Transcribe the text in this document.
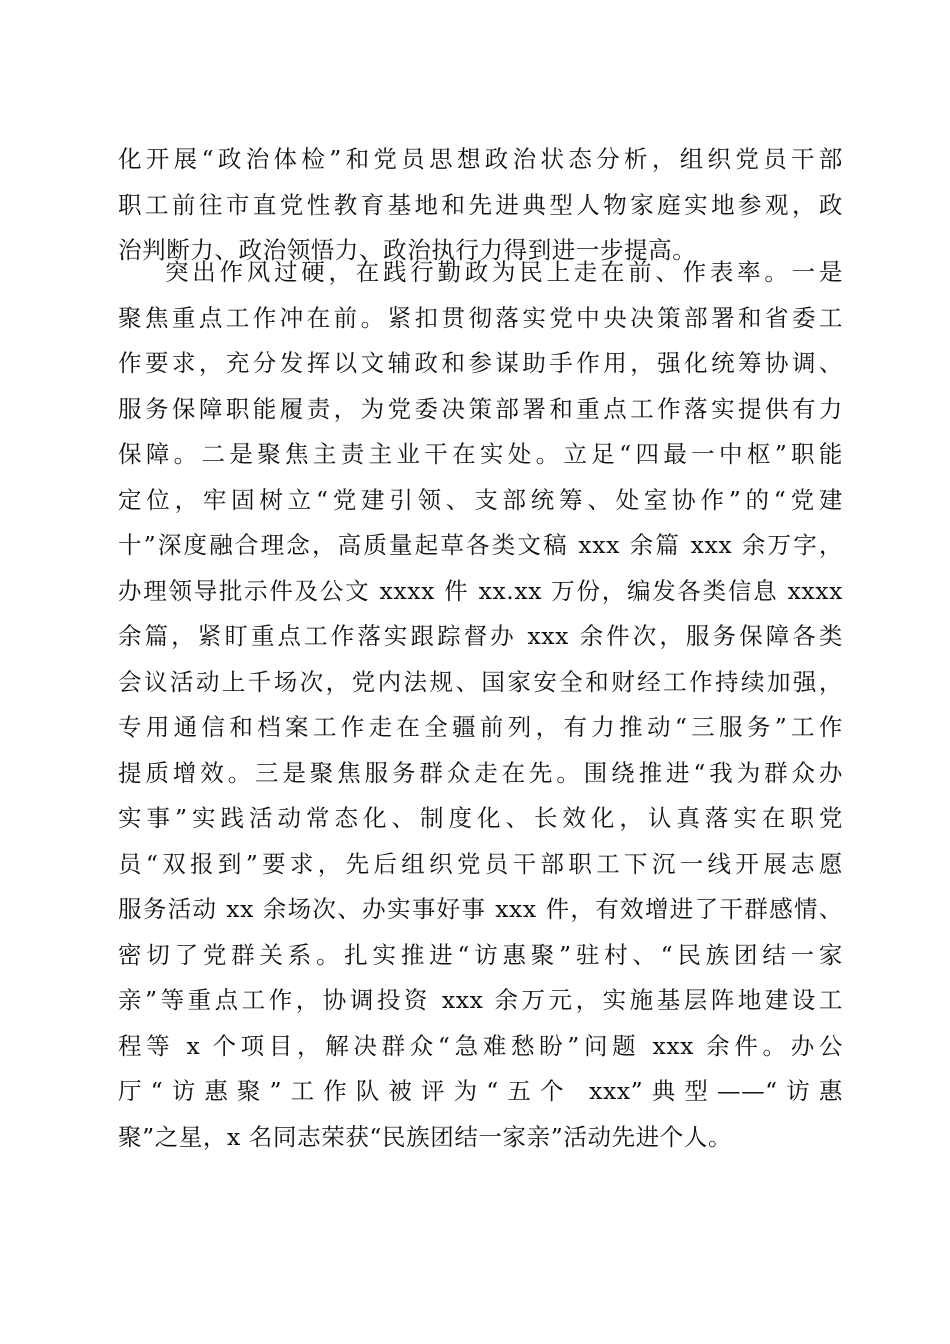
化开展“政治体检”和党员思想政治状态分析，组织党员干部
职工前往市直党性教育基地和先进典型人物家庭实地参观，政
治判断力、政治领悟力、政治执行力得到进一步提高。
突出作风过硬，在践行勤政为民上走在前、作表率。一是
聚焦重点工作冲在前。紧扣贯彻落实党中央决策部署和省委工
作要求，充分发挥以文辅政和参谋助手作用，强化统筹协调、
服务保障职能履责，为党委决策部署和重点工作落实提供有力
保障。二是聚焦主责主业干在实处。立足“四最一中枢”职能
定位，牢固树立“党建引领、支部统筹、处室协作”的“党建
十”深度融合理念，高质量起草各类文稿 xxx 余篇 xxx 余万字，
办理领导批示件及公文 xxxx 件 xx.xx 万份，编发各类信息 xxxx
余篇，紧盯重点工作落实跟踪督办 xxx 余件次，服务保障各类
会议活动上千场次，党内法规、国家安全和财经工作持续加强，
专用通信和档案工作走在全疆前列，有力推动“三服务”工作
提质增效。三是聚焦服务群众走在先。围绕推进“我为群众办
实事”实践活动常态化、制度化、长效化，认真落实在职党
员“双报到”要求，先后组织党员干部职工下沉一线开展志愿
服务活动 xx 余场次、办实事好事 xxx 件，有效增进了干群感情、
密切了党群关系。扎实推进“访惠聚”驻村、“民族团结一家
亲”等重点工作，协调投资 xxx 余万元，实施基层阵地建设工
程等 x 个项目，解决群众“急难愁盼”问题 xxx 余件。办公
厅“访惠聚”工作队被评为“五个 xxx”典型——“访惠
聚”之星，x 名同志荣获“民族团结一家亲”活动先进个人。
